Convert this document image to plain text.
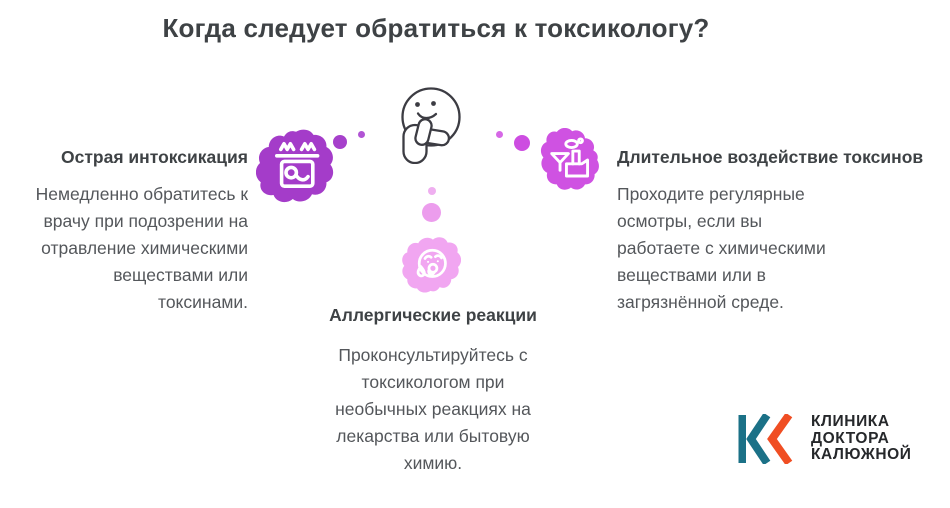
Когда следует обратиться к токсикологу?
Острая интоксикация
Немедленно обратитесь к
врачу при подозрении на
отравление химическими
веществами или
токсинами.
Длительное воздействие токсинов
Проходите регулярные
осмотры, если вы
работаете с химическими
веществами или в
загрязнённой среде.
Аллергические реакции
Проконсультируйтесь с
токсикологом при
необычных реакциях на
лекарства или бытовую
химию.
КЛИНИКА
ДОКТОРА
КАЛЮЖНОЙ
